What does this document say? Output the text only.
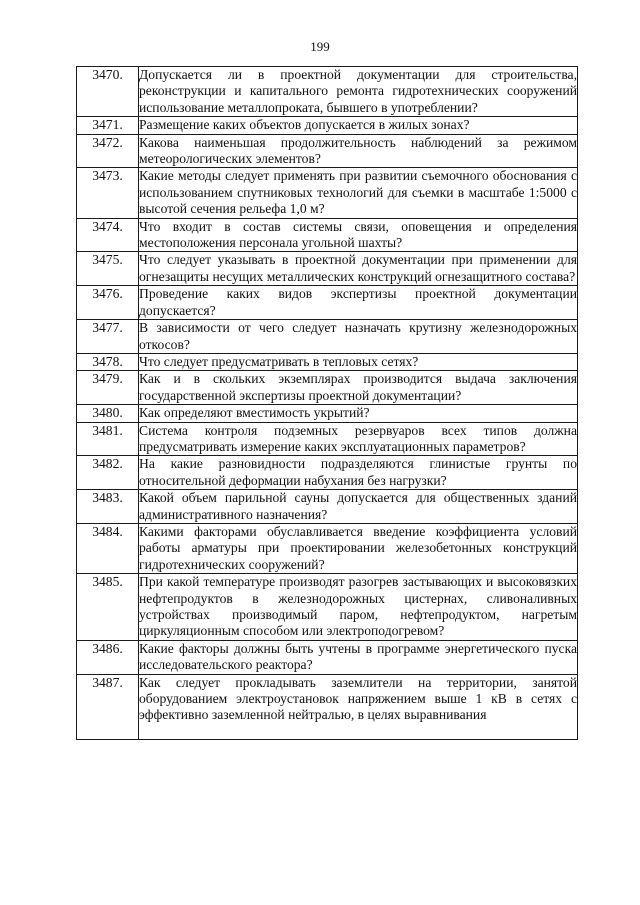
199
3470.	Допускается ли в проектной документации для строительства, реконструкции и капитального ремонта гидротехнических сооружений использование металлопроката, бывшего в употреблении?
3471.	Размещение каких объектов допускается в жилых зонах?
3472.	Какова наименьшая продолжительность наблюдений за режимом метеорологических элементов?
3473.	Какие методы следует применять при развитии съемочного обоснования с использованием спутниковых технологий для съемки в масштабе 1:5000 с высотой сечения рельефа 1,0 м?
3474.	Что входит в состав системы связи, оповещения и определения местоположения персонала угольной шахты?
3475.	Что следует указывать в проектной документации при применении для огнезащиты несущих металлических конструкций огнезащитного состава?
3476.	Проведение каких видов экспертизы проектной документации допускается?
3477.	В зависимости от чего следует назначать крутизну железнодорожных откосов?
3478.	Что следует предусматривать в тепловых сетях?
3479.	Как и в скольких экземплярах производится выдача заключения государственной экспертизы проектной документации?
3480.	Как определяют вместимость укрытий?
3481.	Система контроля подземных резервуаров всех типов должна предусматривать измерение каких эксплуатационных параметров?
3482.	На какие разновидности подразделяются глинистые грунты по относительной деформации набухания без нагрузки?
3483.	Какой объем парильной сауны допускается для общественных зданий административного назначения?
3484.	Какими факторами обуславливается введение коэффициента условий работы арматуры при проектировании железобетонных конструкций гидротехнических сооружений?
3485.	При какой температуре производят разогрев застывающих и высоковязких нефтепродуктов в железнодорожных цистернах, сливоналивных устройствах производимый паром, нефтепродуктом, нагретым циркуляционным способом или электроподогревом?
3486.	Какие факторы должны быть учтены в программе энергетического пуска исследовательского реактора?
3487.	Как следует прокладывать заземлители на территории, занятой оборудованием электроустановок напряжением выше 1 кВ в сетях с эффективно заземленной нейтралью, в целях выравнивания
